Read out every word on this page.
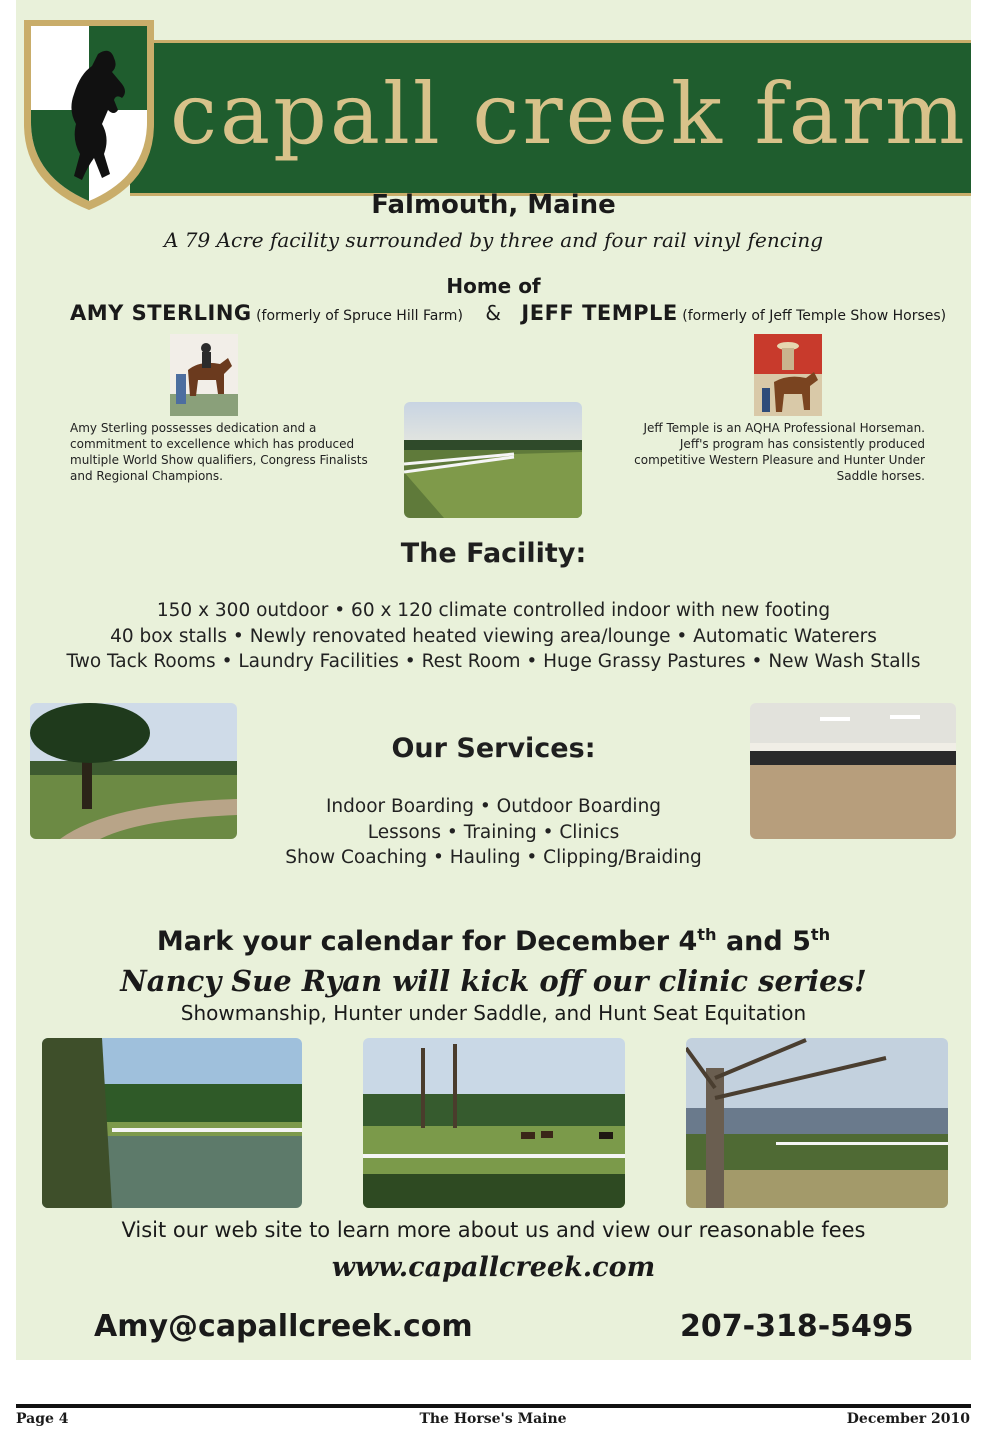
capall creek farm
Falmouth, Maine
A 79 Acre facility surrounded by three and four rail vinyl fencing
Home of
AMY STERLING (formerly of Spruce Hill Farm) & JEFF TEMPLE (formerly of Jeff Temple Show Horses)
Amy Sterling possesses dedication and a commitment to excellence which has produced multiple World Show qualifiers, Congress Finalists and Regional Champions.
Jeff Temple is an AQHA Professional Horseman. Jeff's program has consistently produced competitive Western Pleasure and Hunter Under Saddle horses.
The Facility:
150 x 300 outdoor • 60 x 120 climate controlled indoor with new footing
40 box stalls • Newly renovated heated viewing area/lounge • Automatic Waterers
Two Tack Rooms • Laundry Facilities • Rest Room • Huge Grassy Pastures • New Wash Stalls
Our Services:
Indoor Boarding • Outdoor Boarding
Lessons • Training • Clinics
Show Coaching • Hauling • Clipping/Braiding
Mark your calendar for December 4th and 5th
Nancy Sue Ryan will kick off our clinic series!
Showmanship, Hunter under Saddle, and Hunt Seat Equitation
Visit our web site to learn more about us and view our reasonable fees
www.capallcreek.com
Amy@capallcreek.com	207-318-5495
Page 4	The Horse's Maine	December 2010
